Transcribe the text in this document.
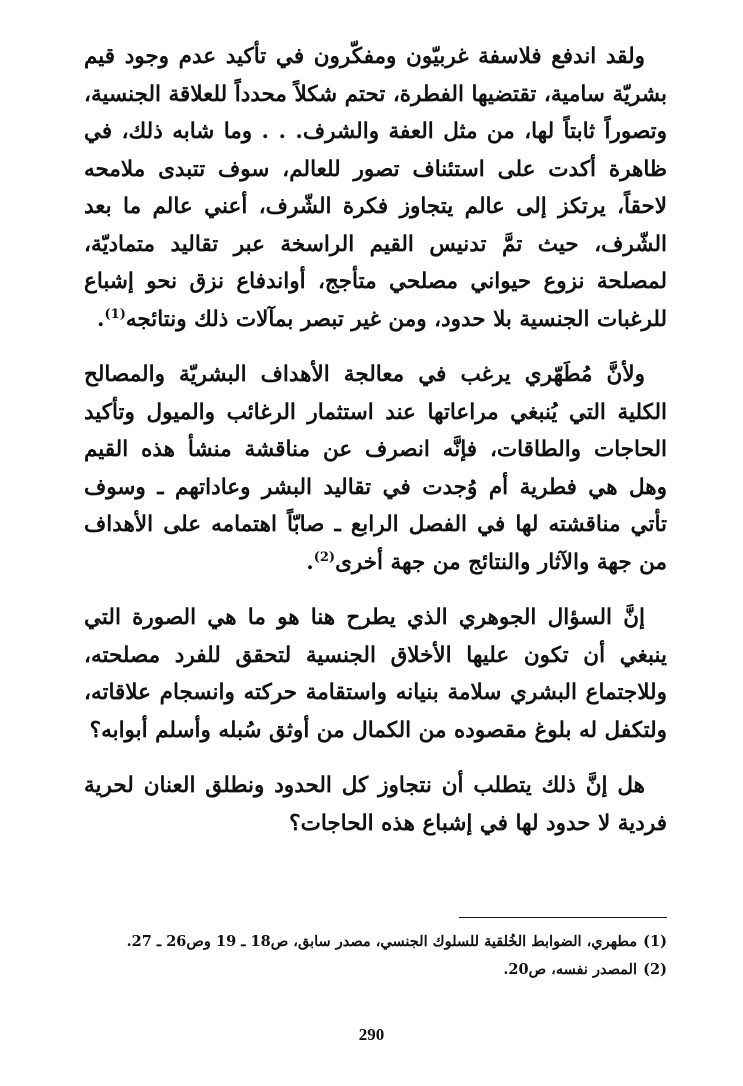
ولقد اندفع فلاسفة غربيّون ومفكّرون في تأكيد عدم وجود قيم بشريّة سامية، تقتضيها الفطرة، تحتم شكلاً محدداً للعلاقة الجنسية، وتصوراً ثابتاً لها، من مثل العفة والشرف. . . وما شابه ذلك، في ظاهرة أكدت على استئناف تصور للعالم، سوف تتبدى ملامحه لاحقاً، يرتكز إلى عالم يتجاوز فكرة الشّرف، أعني عالم ما بعد الشّرف، حيث تمَّ تدنيس القيم الراسخة عبر تقاليد متماديّة، لمصلحة نزوع حيواني مصلحي متأجج، أواندفاع نزق نحو إشباع للرغبات الجنسية بلا حدود، ومن غير تبصر بمآلات ذلك ونتائجه$^{(1)}$.

ولأنَّ مُطَهّري يرغب في معالجة الأهداف البشريّة والمصالح الكلية التي يُنبغي مراعاتها عند استثمار الرغائب والميول وتأكيد الحاجات والطاقات، فإنَّه انصرف عن مناقشة منشأ هذه القيم وهل هي فطرية أم وُجدت في تقاليد البشر وعاداتهم ـ وسوف تأتي مناقشته لها في الفصل الرابع ـ صابّاً اهتمامه على الأهداف من جهة والآثار والنتائج من جهة أخرى$^{(2)}$.

إنَّ السؤال الجوهري الذي يطرح هنا هو ما هي الصورة التي ينبغي أن تكون عليها الأخلاق الجنسية لتحقق للفرد مصلحته، وللاجتماع البشري سلامة بنيانه واستقامة حركته وانسجام علاقاته، ولتكفل له بلوغ مقصوده من الكمال من أوثق سُبله وأسلم أبوابه؟

هل إنَّ ذلك يتطلب أن نتجاوز كل الحدود ونطلق العنان لحرية فردية لا حدود لها في إشباع هذه الحاجات؟

(1)
مطهري، الضوابط الخُلقية للسلوك الجنسي، مصدر سابق، ص18 ـ 19 وص26 ـ 27.
(2)
المصدر نفسه، ص20.
290
